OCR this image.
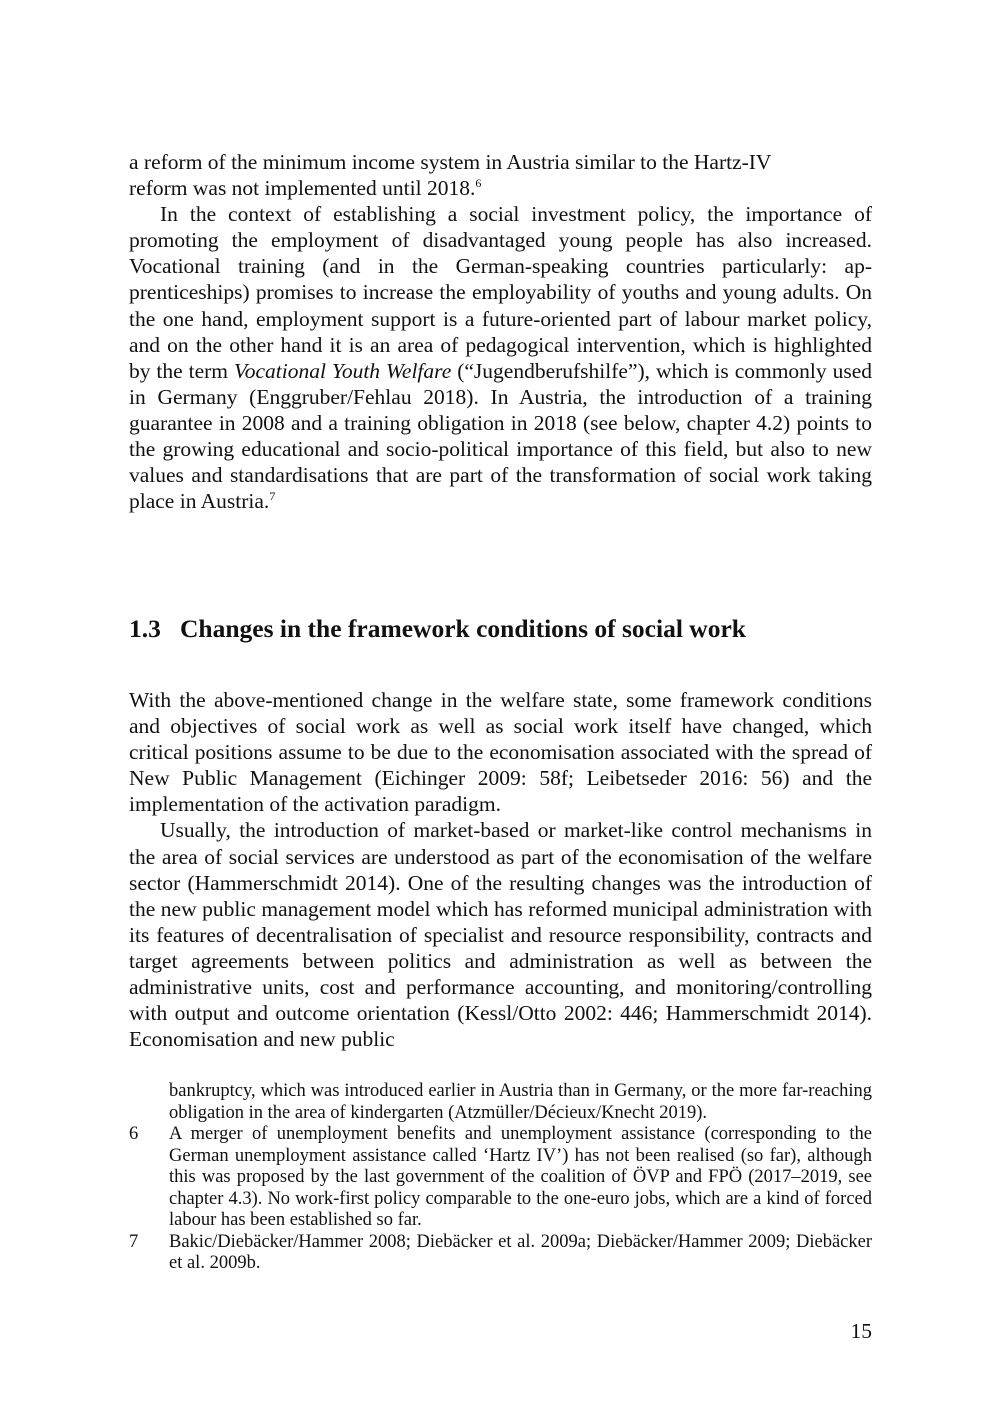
a reform of the minimum income system in Austria similar to the Hartz-IV
reform was not implemented until 2018.$^6$

In the context of establishing a social investment policy, the importance of promoting the employment of disadvantaged young people has also increased. Vocational training (and in the German-speaking countries particularly: apprenticeships) promises to increase the employability of youths and young adults. On the one hand, employment support is a future-oriented part of labour market policy, and on the other hand it is an area of pedagogical intervention, which is highlighted by the term Vocational Youth Welfare (“Jugendberufshilfe”), which is commonly used in Germany (Enggruber/Fehlau 2018). In Austria, the introduction of a training guarantee in 2008 and a training obligation in 2018 (see below, chapter 4.2) points to the growing educational and socio-political importance of this field, but also to new values and standardisations that are part of the transformation of social work taking place in Austria.$^7$

1.3 Changes in the framework conditions of social work

With the above-mentioned change in the welfare state, some framework conditions and objectives of social work as well as social work itself have changed, which critical positions assume to be due to the economisation associated with the spread of New Public Management (Eichinger 2009: 58f; Leibetseder 2016: 56) and the implementation of the activation paradigm.

Usually, the introduction of market-based or market-like control mechanisms in the area of social services are understood as part of the economisation of the welfare sector (Hammerschmidt 2014). One of the resulting changes was the introduction of the new public management model which has reformed municipal administration with its features of decentralisation of specialist and resource responsibility, contracts and target agreements between politics and administration as well as between the administrative units, cost and performance accounting, and monitoring/controlling with output and outcome orientation (Kessl/Otto 2002: 446; Hammerschmidt 2014). Economisation and new public

bankruptcy, which was introduced earlier in Austria than in Germany, or the more far-reaching obligation in the area of kindergarten (Atzmüller/Décieux/Knecht 2019).

6	A merger of unemployment benefits and unemployment assistance (corresponding to the German unemployment assistance called ‘Hartz IV’) has not been realised (so far), although this was proposed by the last government of the coalition of ÖVP and FPÖ (2017–2019, see chapter 4.3). No work-first policy comparable to the one-euro jobs, which are a kind of forced labour has been established so far.

7	Bakic/Diebäcker/Hammer 2008; Diebäcker et al. 2009a; Diebäcker/Hammer 2009; Diebäcker et al. 2009b.

15
